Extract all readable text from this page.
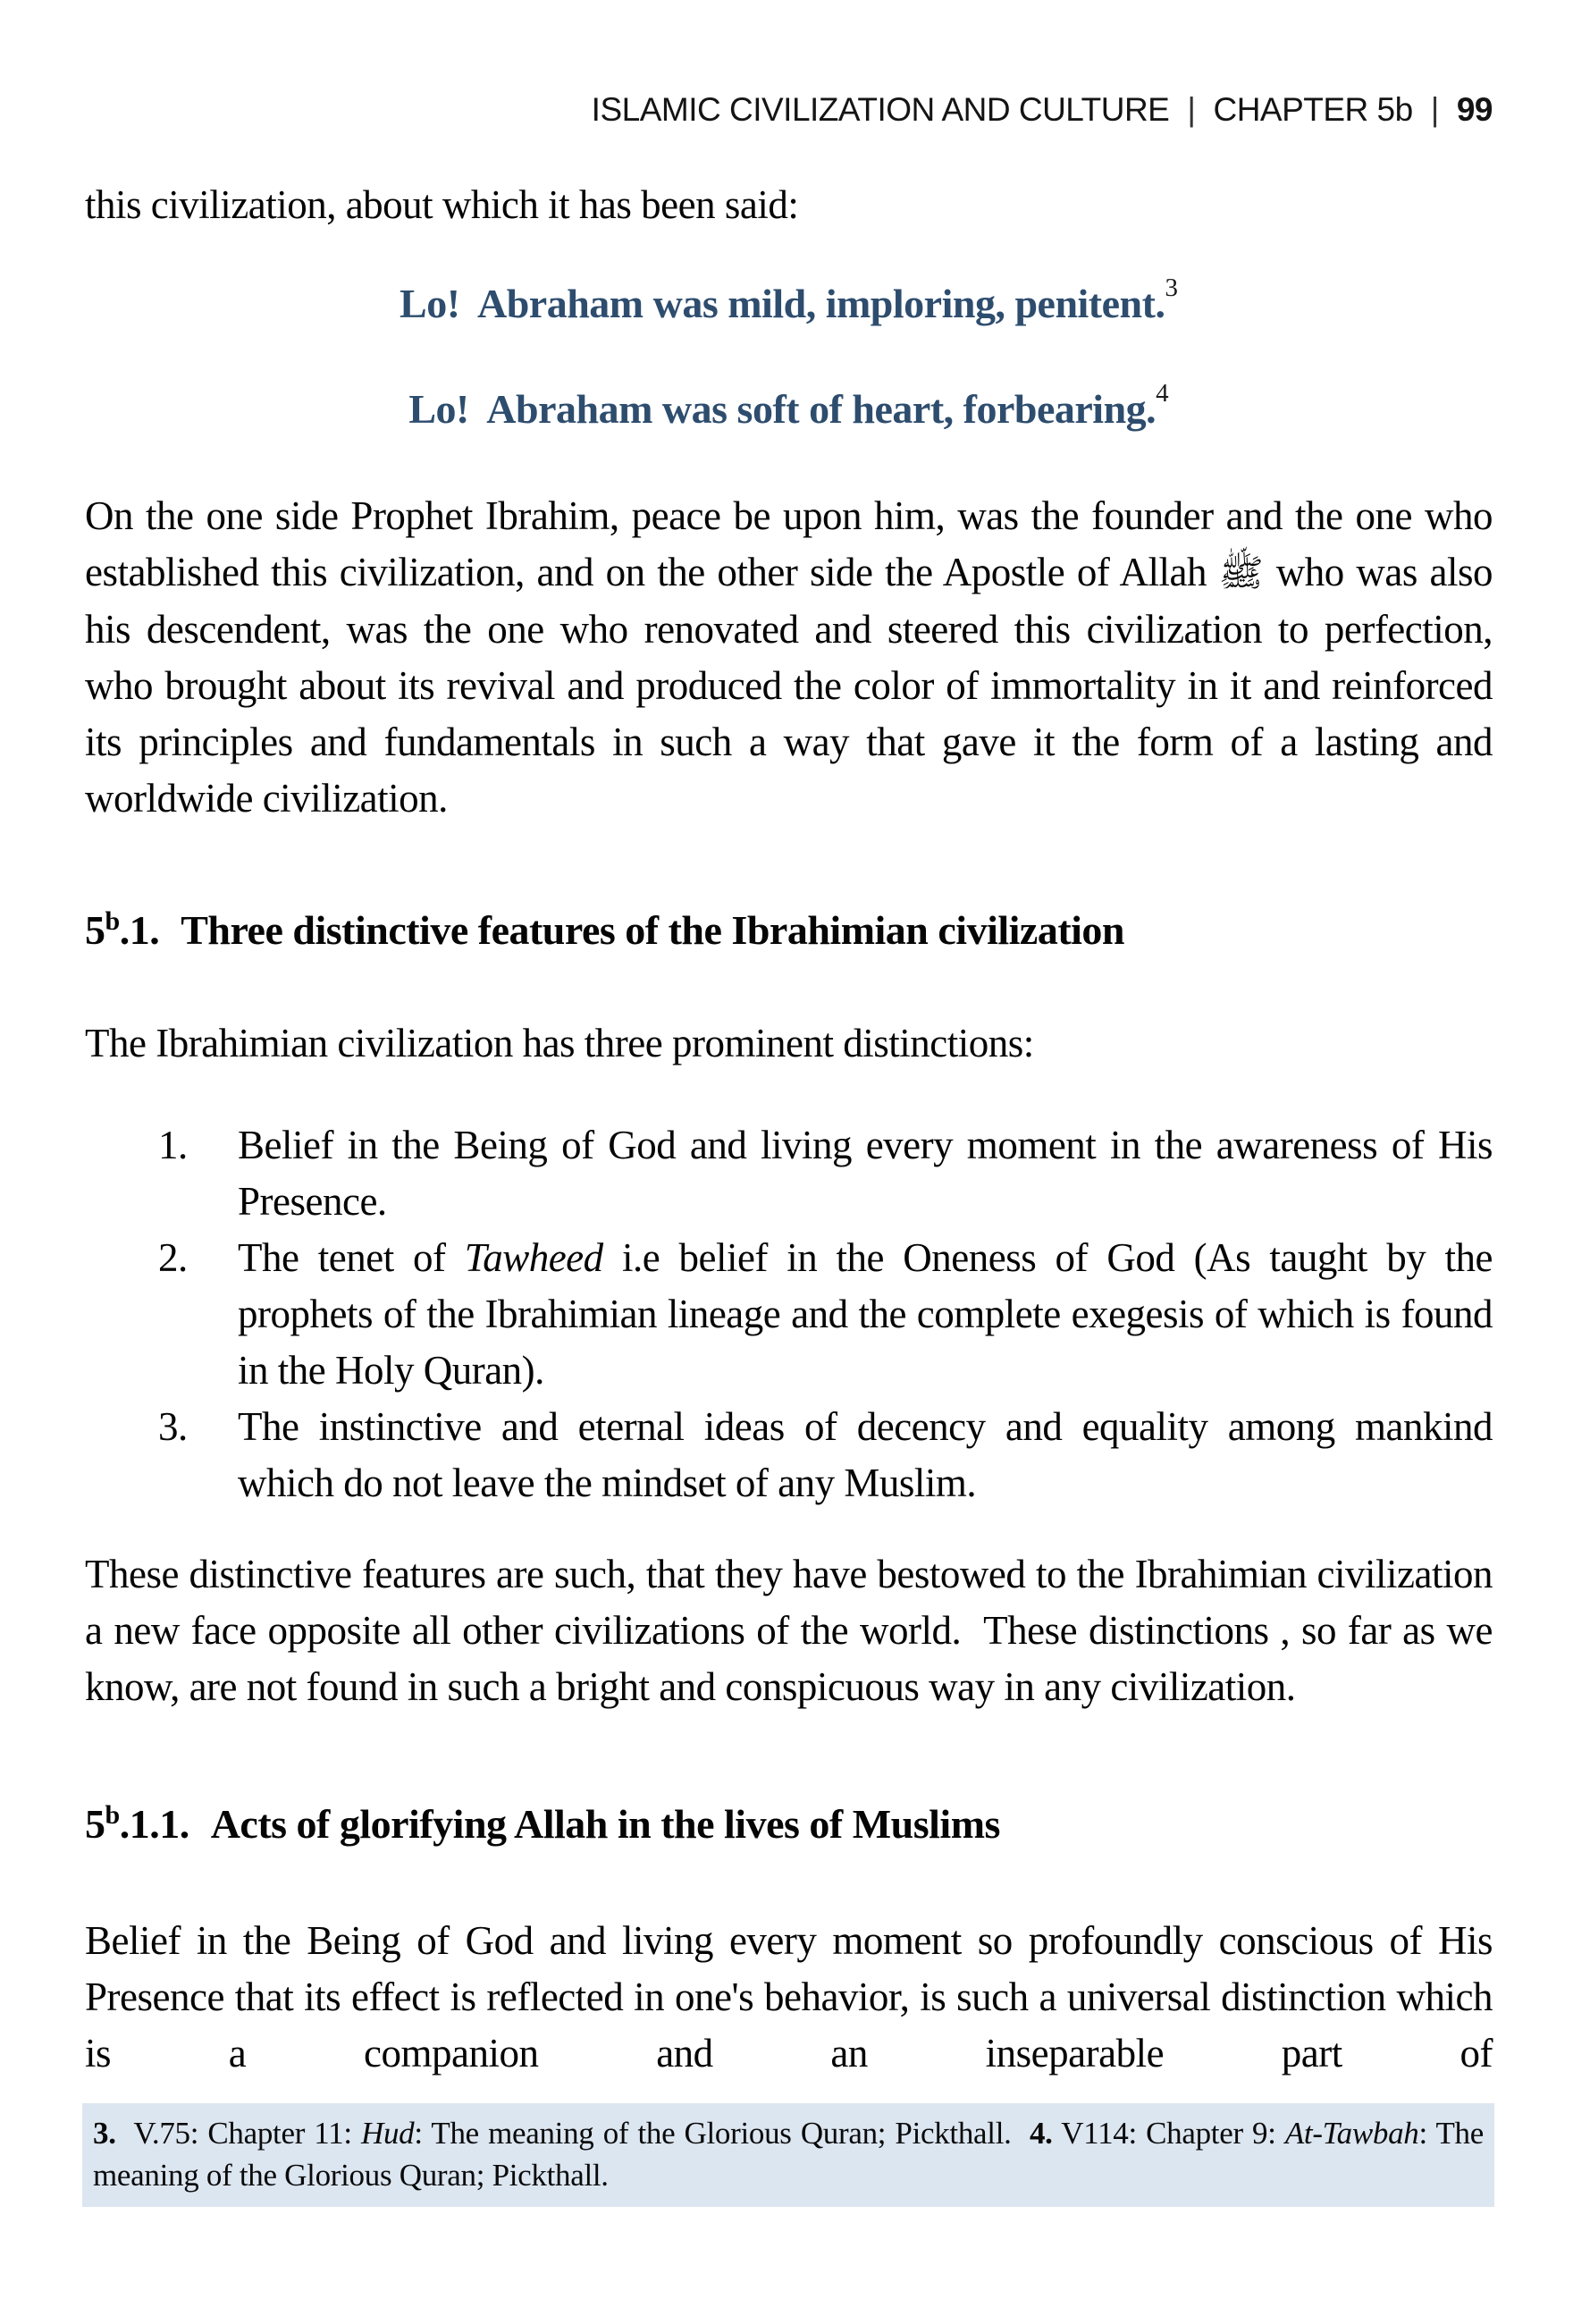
ISLAMIC CIVILIZATION AND CULTURE | CHAPTER 5b | 99
this civilization, about which it has been said:
Lo!  Abraham was mild, imploring, penitent.$^3$
Lo!  Abraham was soft of heart, forbearing.$^4$
On the one side Prophet Ibrahim, peace be upon him, was the founder and the one who established this civilization, and on the other side the Apostle of Allah ﷺ who was also his descendent, was the one who renovated and steered this civilization to perfection, who brought about its revival and produced the color of immortality in it and reinforced its principles and fundamentals in such a way that gave it the form of a lasting and worldwide civilization.
5$^b$.1. Three distinctive features of the Ibrahimian civilization
The Ibrahimian civilization has three prominent distinctions:
1.	Belief in the Being of God and living every moment in the awareness of His Presence.
2.	The tenet of Tawheed i.e belief in the Oneness of God (As taught by the prophets of the Ibrahimian lineage and the complete exegesis of which is found in the Holy Quran).
3.	The instinctive and eternal ideas of decency and equality among mankind which do not leave the mindset of any Muslim.
These distinctive features are such, that they have bestowed to the Ibrahimian civilization a new face opposite all other civilizations of the world.  These distinctions , so far as we know, are not found in such a bright and conspicuous way in any civilization.
5$^b$.1.1. Acts of glorifying Allah in the lives of Muslims
Belief in the Being of God and living every moment so profoundly conscious of His Presence that its effect is reflected in one's behavior, is such a universal distinction which is a companion and an inseparable part of
3.  V.75: Chapter 11: Hud: The meaning of the Glorious Quran; Pickthall.  4. V114: Chapter 9: At-Tawbah: The meaning of the Glorious Quran; Pickthall.
